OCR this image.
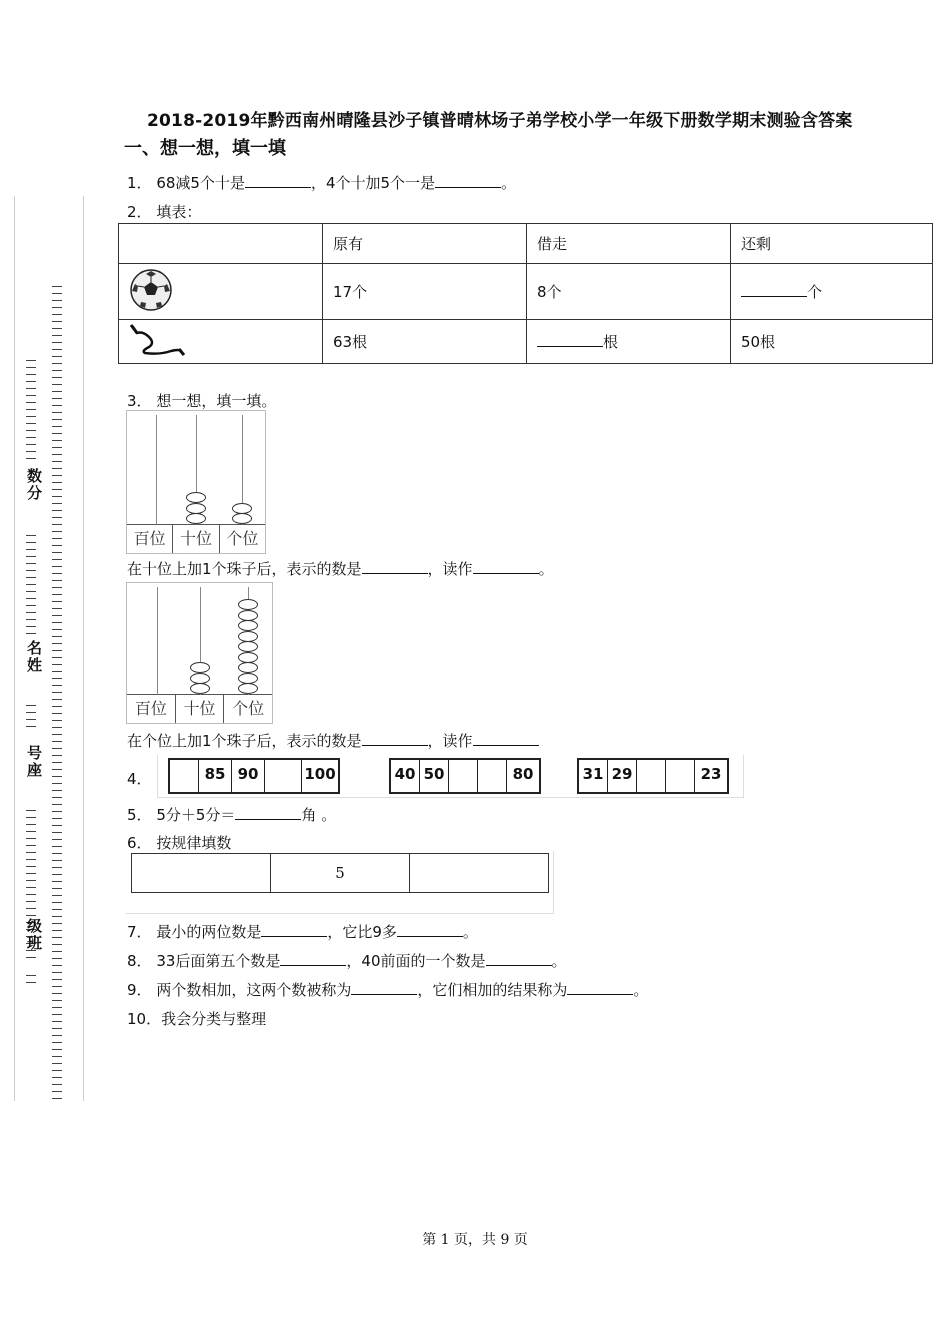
数分
名姓
号座
级班
2018-2019年黔西南州晴隆县沙子镇普晴林场子弟学校小学一年级下册数学期末测验含答案
一、想一想，填一填
1． 68减5个十是	，4个十加5个一是	。
2． 填表：
	原有	借走	还剩
	17个	8个	个
	63根	根	50根
3． 想一想，填一填。
百位 十位 个位
在十位上加1个珠子后，表示的数是	，读作	。
百位	十位	个位
在个位上加1个珠子后，表示的数是	，读作
4．	85 90	100	40 50	80	31 29	23
5． 5分＋5分＝	角 。
6． 按规律填数
5
7． 最小的两位数是	，它比9多	。
8． 33后面第五个数是	，40前面的一个数是	。
9． 两个数相加，这两个数被称为	，它们相加的结果称为	。
10．我会分类与整理
第 1 页，共 9 页
